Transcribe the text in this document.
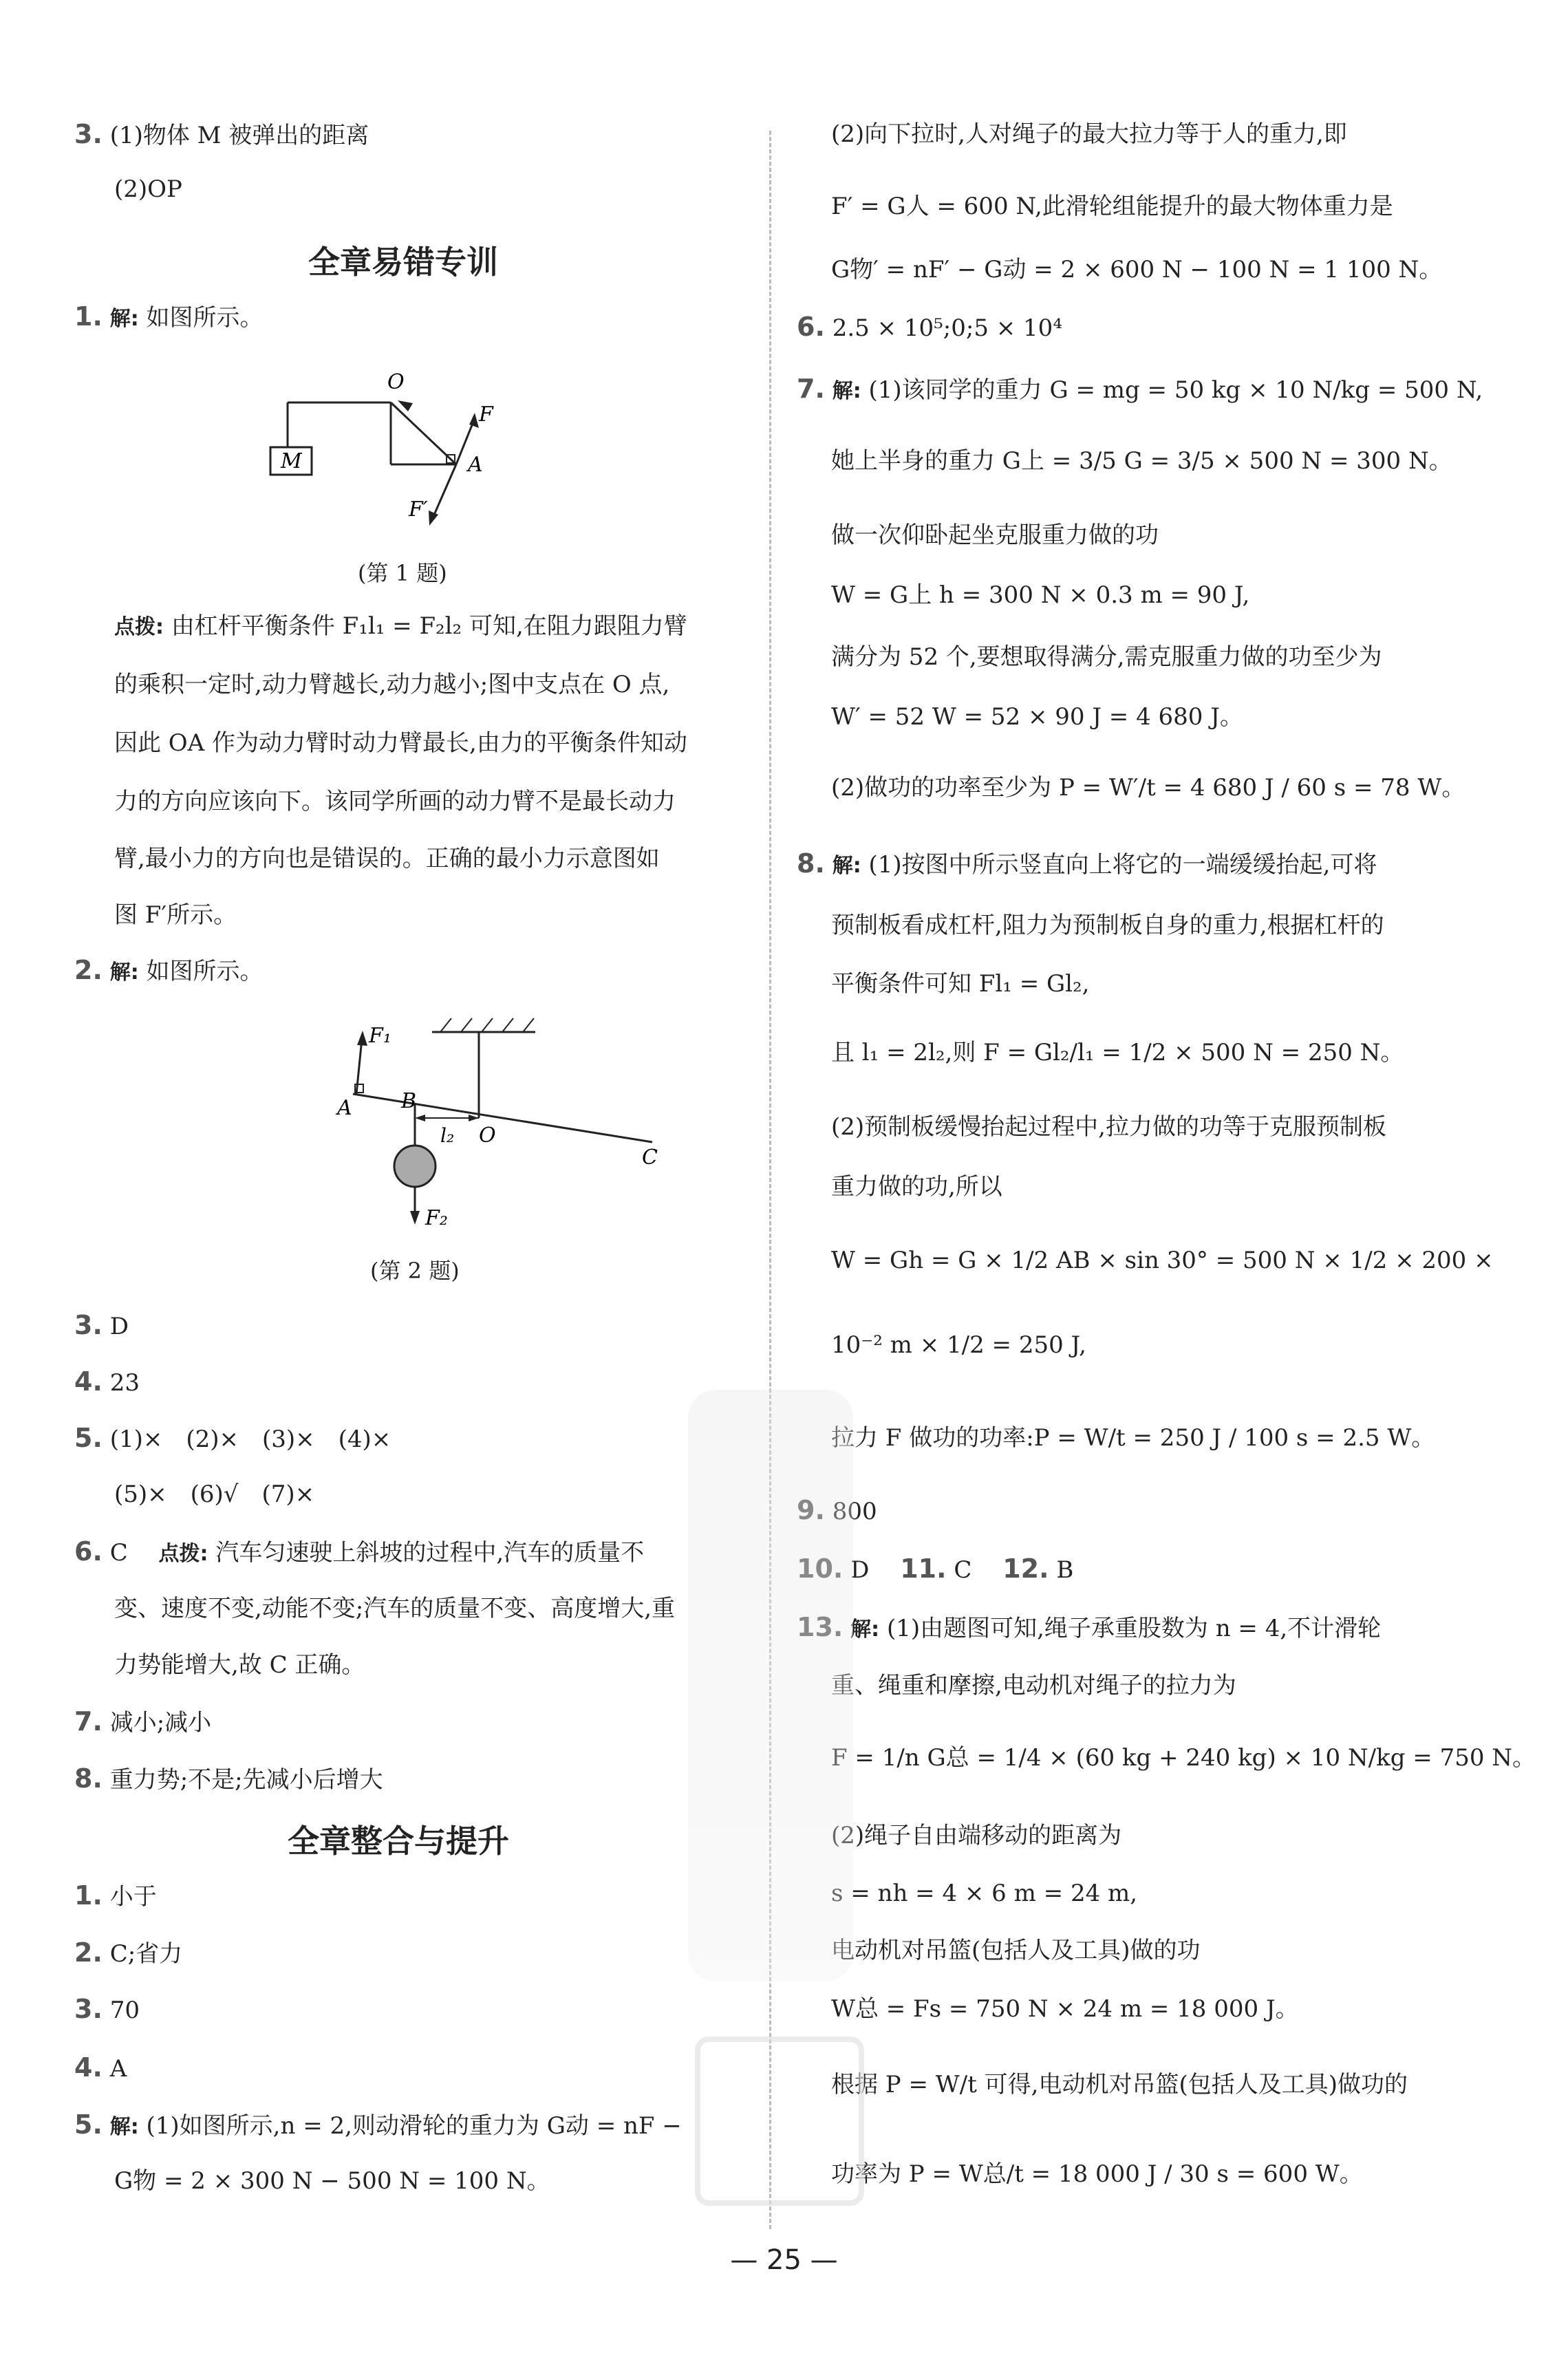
3. (1)物体 M 被弹出的距离
(2)OP
全章易错专训
1. 解: 如图所示。
M
O
F
A
F′
(第 1 题)
点拨: 由杠杆平衡条件 F₁l₁ = F₂l₂ 可知,在阻力跟阻力臂
的乘积一定时,动力臂越长,动力越小;图中支点在 O 点,
因此 OA 作为动力臂时动力臂最长,由力的平衡条件知动
力的方向应该向下。该同学所画的动力臂不是最长动力
臂,最小力的方向也是错误的。正确的最小力示意图如
图 F′所示。
2. 解: 如图所示。
F₁
A B
l₂ O
C
F₂
(第 2 题)
3. D
4. 23
5. (1)×　(2)×　(3)×　(4)×
(5)×　(6)√　(7)×
6. C　 点拨: 汽车匀速驶上斜坡的过程中,汽车的质量不
变、速度不变,动能不变;汽车的质量不变、高度增大,重
力势能增大,故 C 正确。
7. 减小;减小
8. 重力势;不是;先减小后增大
全章整合与提升
1. 小于
2. C;省力
3. 70
4. A
5. 解: (1)如图所示,n = 2,则动滑轮的重力为 G动 = nF −
G物 = 2 × 300 N − 500 N = 100 N。
(2)向下拉时,人对绳子的最大拉力等于人的重力,即
F′ = G人 = 600 N,此滑轮组能提升的最大物体重力是
G物′ = nF′ − G动 = 2 × 600 N − 100 N = 1 100 N。
6. 2.5 × 10⁵;0;5 × 10⁴
7. 解: (1)该同学的重力 G = mg = 50 kg × 10 N/kg = 500 N,
她上半身的重力 G上 = 3/5 G = 3/5 × 500 N = 300 N。
做一次仰卧起坐克服重力做的功
W = G上 h = 300 N × 0.3 m = 90 J,
满分为 52 个,要想取得满分,需克服重力做的功至少为
W′ = 52 W = 52 × 90 J = 4 680 J。
(2)做功的功率至少为 P = W′/t = 4 680 J / 60 s = 78 W。
8. 解: (1)按图中所示竖直向上将它的一端缓缓抬起,可将
预制板看成杠杆,阻力为预制板自身的重力,根据杠杆的
平衡条件可知 Fl₁ = Gl₂,
且 l₁ = 2l₂,则 F = Gl₂/l₁ = 1/2 × 500 N = 250 N。
(2)预制板缓慢抬起过程中,拉力做的功等于克服预制板
重力做的功,所以
W = Gh = G × 1/2 AB × sin 30° = 500 N × 1/2 × 200 ×
10⁻² m × 1/2 = 250 J,
拉力 F 做功的功率:P = W/t = 250 J / 100 s = 2.5 W。
9. 800
10. D　 11. C　 12. B
13. 解: (1)由题图可知,绳子承重股数为 n = 4,不计滑轮
重、绳重和摩擦,电动机对绳子的拉力为
F = 1/n G总 = 1/4 × (60 kg + 240 kg) × 10 N/kg = 750 N。
(2)绳子自由端移动的距离为
s = nh = 4 × 6 m = 24 m,
电动机对吊篮(包括人及工具)做的功
W总 = Fs = 750 N × 24 m = 18 000 J。
根据 P = W/t 可得,电动机对吊篮(包括人及工具)做功的
功率为 P = W总/t = 18 000 J / 30 s = 600 W。
— 25 —
